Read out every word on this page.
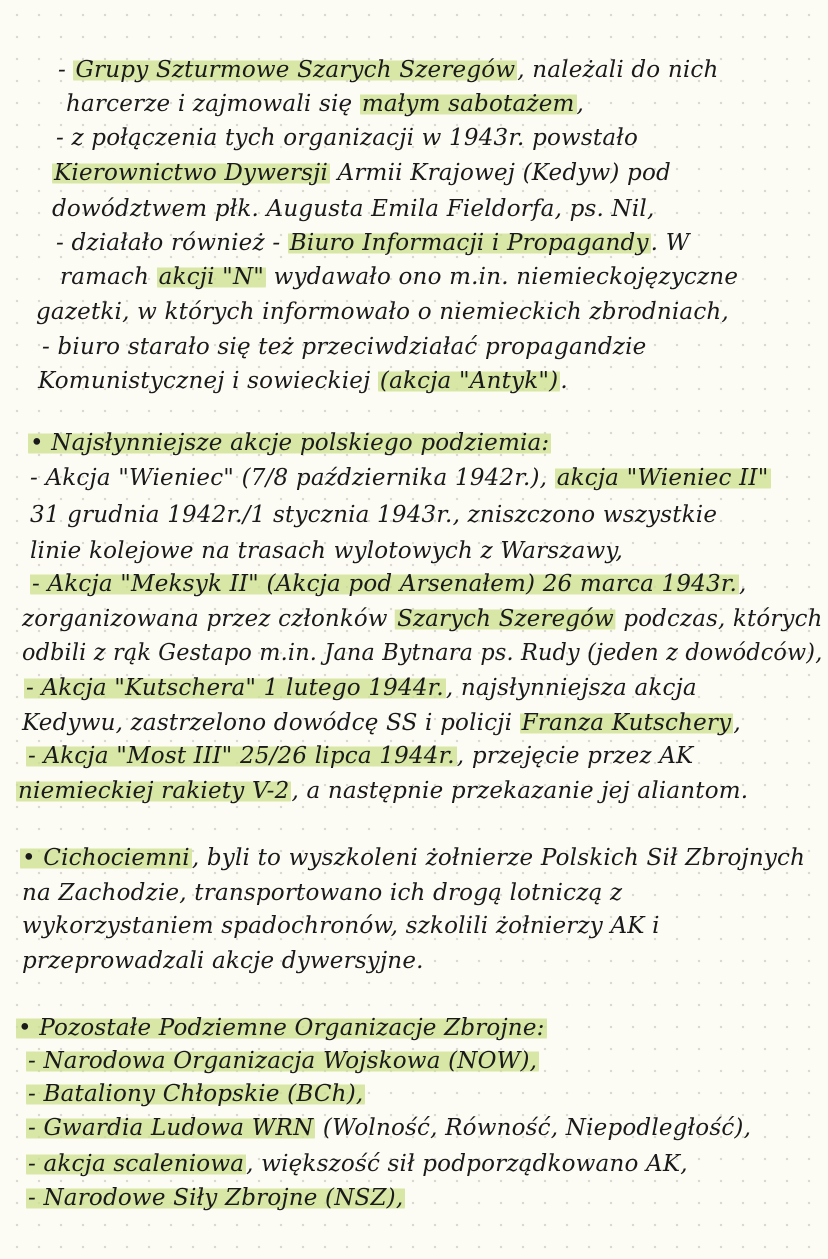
- Grupy Szturmowe Szarych Szeregów, należali do nich
harcerze i zajmowali się małym sabotażem,
- z połączenia tych organizacji w 1943r. powstało
Kierownictwo Dywersji Armii Krajowej (Kedyw) pod
dowództwem płk. Augusta Emila Fieldorfa, ps. Nil,
- działało również - Biuro Informacji i Propagandy. W
ramach akcji "N" wydawało ono m.in. niemieckojęzyczne
gazetki, w których informowało o niemieckich zbrodniach,
- biuro starało się też przeciwdziałać propagandzie
Komunistycznej i sowieckiej (akcja "Antyk").
• Najsłynniejsze akcje polskiego podziemia:
- Akcja "Wieniec" (7/8 października 1942r.), akcja "Wieniec II"
31 grudnia 1942r./1 stycznia 1943r., zniszczono wszystkie
linie kolejowe na trasach wylotowych z Warszawy,
- Akcja "Meksyk II" (Akcja pod Arsenałem) 26 marca 1943r.,
zorganizowana przez członków Szarych Szeregów podczas, których
odbili z rąk Gestapo m.in. Jana Bytnara ps. Rudy (jeden z dowódców),
- Akcja "Kutschera" 1 lutego 1944r., najsłynniejsza akcja
Kedywu, zastrzelono dowódcę SS i policji Franza Kutschery,
- Akcja "Most III" 25/26 lipca 1944r., przejęcie przez AK
niemieckiej rakiety V-2, a następnie przekazanie jej aliantom.
• Cichociemni, byli to wyszkoleni żołnierze Polskich Sił Zbrojnych
na Zachodzie, transportowano ich drogą lotniczą z
wykorzystaniem spadochronów, szkolili żołnierzy AK i
przeprowadzali akcje dywersyjne.
• Pozostałe Podziemne Organizacje Zbrojne:
- Narodowa Organizacja Wojskowa (NOW),
- Bataliony Chłopskie (BCh),
- Gwardia Ludowa WRN (Wolność, Równość, Niepodległość),
- akcja scaleniowa, większość sił podporządkowano AK,
- Narodowe Siły Zbrojne (NSZ),
